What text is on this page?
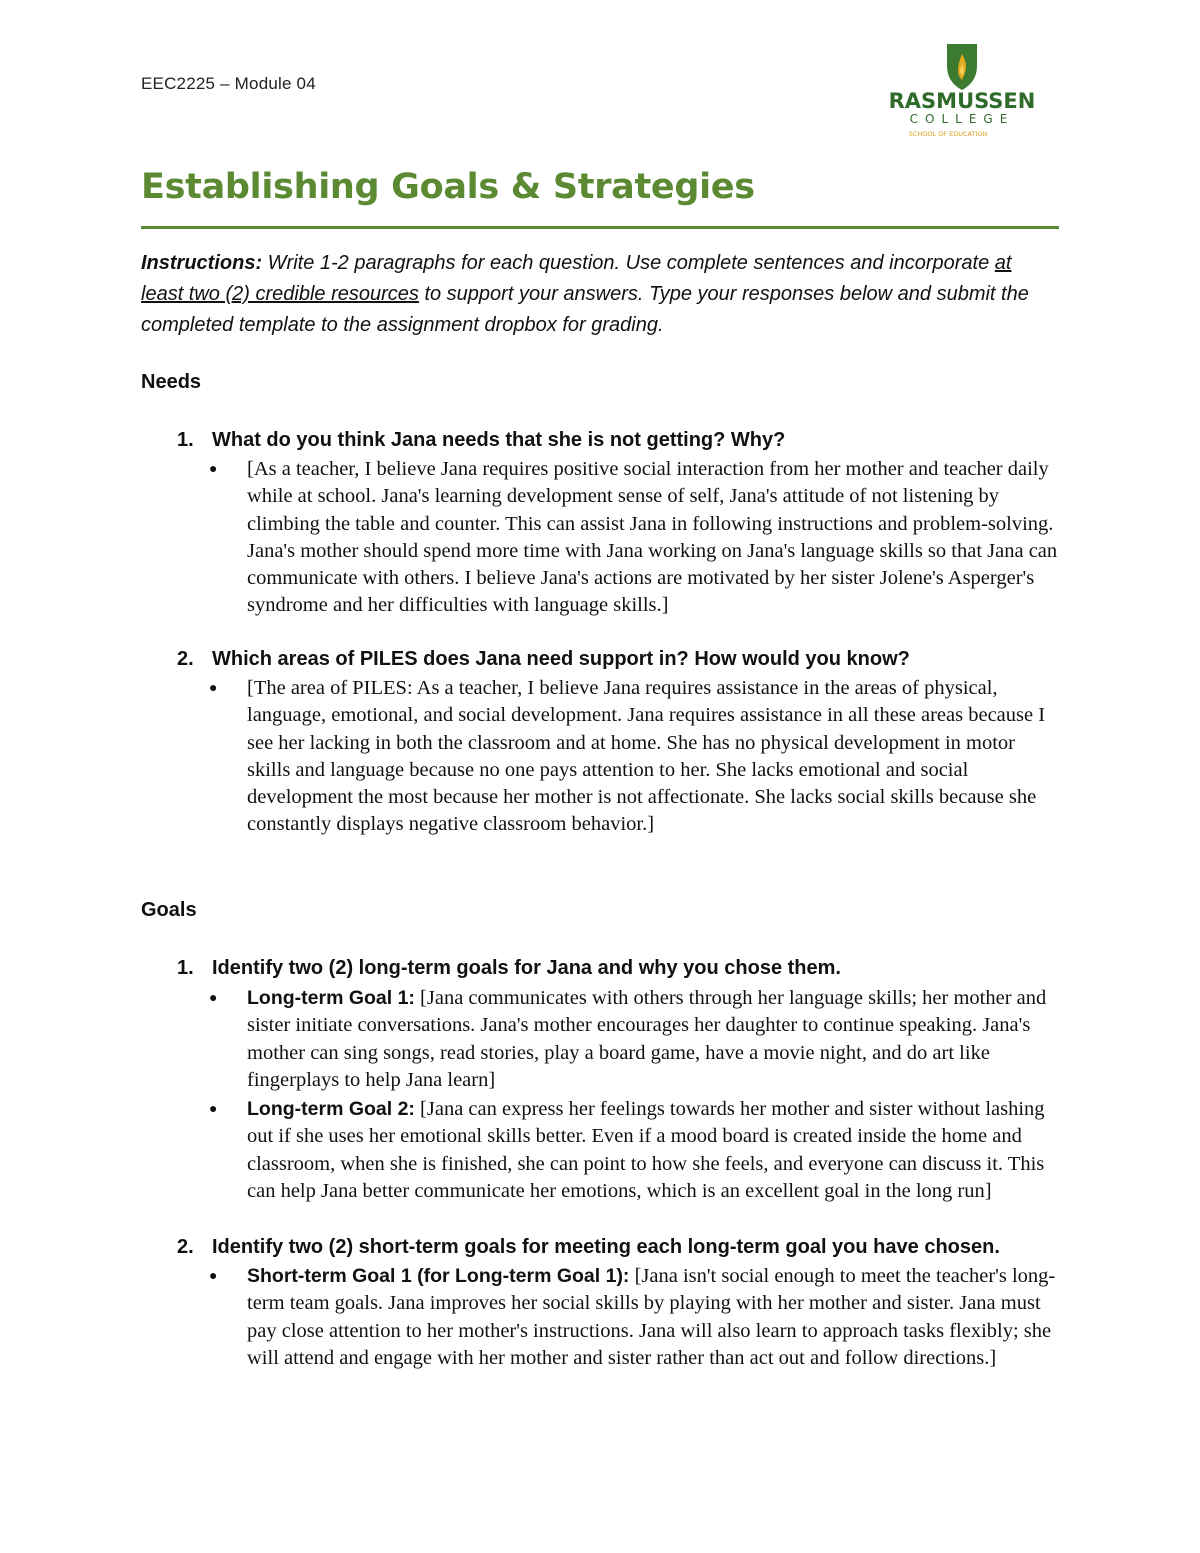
EEC2225 – Module 04
RASMUSSEN
COLLEGE
SCHOOL OF EDUCATION
Establishing Goals & Strategies
Instructions: Write 1-2 paragraphs for each question. Use complete sentences and incorporate at least two (2) credible resources to support your answers. Type your responses below and submit the completed template to the assignment dropbox for grading.
Needs
1. What do you think Jana needs that she is not getting? Why?
● [As a teacher, I believe Jana requires positive social interaction from her mother and teacher daily while at school. Jana's learning development sense of self, Jana's attitude of not listening by climbing the table and counter. This can assist Jana in following instructions and problem-solving. Jana's mother should spend more time with Jana working on Jana's language skills so that Jana can communicate with others. I believe Jana's actions are motivated by her sister Jolene's Asperger's syndrome and her difficulties with language skills.]
2. Which areas of PILES does Jana need support in? How would you know?
● [The area of PILES: As a teacher, I believe Jana requires assistance in the areas of physical, language, emotional, and social development. Jana requires assistance in all these areas because I see her lacking in both the classroom and at home. She has no physical development in motor skills and language because no one pays attention to her. She lacks emotional and social development the most because her mother is not affectionate. She lacks social skills because she constantly displays negative classroom behavior.]
Goals
1. Identify two (2) long-term goals for Jana and why you chose them.
● Long-term Goal 1: [Jana communicates with others through her language skills; her mother and sister initiate conversations. Jana's mother encourages her daughter to continue speaking. Jana's mother can sing songs, read stories, play a board game, have a movie night, and do art like fingerplays to help Jana learn]
● Long-term Goal 2: [Jana can express her feelings towards her mother and sister without lashing out if she uses her emotional skills better. Even if a mood board is created inside the home and classroom, when she is finished, she can point to how she feels, and everyone can discuss it. This can help Jana better communicate her emotions, which is an excellent goal in the long run]
2. Identify two (2) short-term goals for meeting each long-term goal you have chosen.
● Short-term Goal 1 (for Long-term Goal 1): [Jana isn't social enough to meet the teacher's long-term team goals. Jana improves her social skills by playing with her mother and sister. Jana must pay close attention to her mother's instructions. Jana will also learn to approach tasks flexibly; she will attend and engage with her mother and sister rather than act out and follow directions.]
